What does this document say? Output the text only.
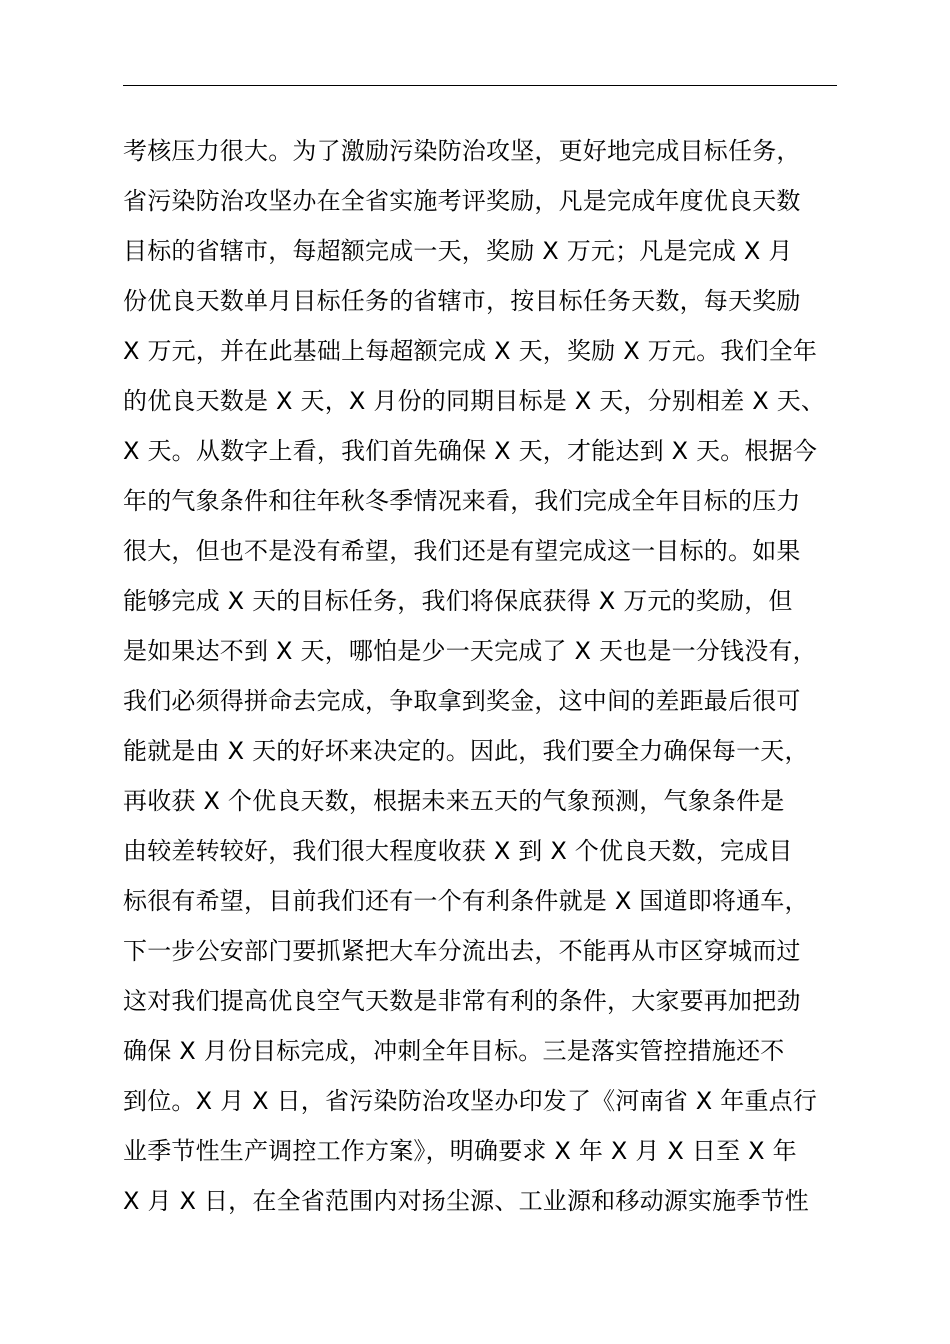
考核压力很大。为了激励污染防治攻坚，更好地完成目标任务，
省污染防治攻坚办在全省实施考评奖励，凡是完成年度优良天数
目标的省辖市，每超额完成一天，奖励 X 万元；凡是完成 X 月
份优良天数单月目标任务的省辖市，按目标任务天数，每天奖励
X 万元，并在此基础上每超额完成 X 天，奖励 X 万元。我们全年
的优良天数是 X 天，X 月份的同期目标是 X 天，分别相差 X 天、
X 天。从数字上看，我们首先确保 X 天，才能达到 X 天。根据今
年的气象条件和往年秋冬季情况来看，我们完成全年目标的压力
很大，但也不是没有希望，我们还是有望完成这一目标的。如果
能够完成 X 天的目标任务，我们将保底获得 X 万元的奖励，但
是如果达不到 X 天，哪怕是少一天完成了 X 天也是一分钱没有，
我们必须得拼命去完成，争取拿到奖金，这中间的差距最后很可
能就是由 X 天的好坏来决定的。因此，我们要全力确保每一天，
再收获 X 个优良天数，根据未来五天的气象预测，气象条件是
由较差转较好，我们很大程度收获 X 到 X 个优良天数，完成目
标很有希望，目前我们还有一个有利条件就是 X 国道即将通车，
下一步公安部门要抓紧把大车分流出去，不能再从市区穿城而过
这对我们提高优良空气天数是非常有利的条件，大家要再加把劲
确保 X 月份目标完成，冲刺全年目标。三是落实管控措施还不
到位。X 月 X 日，省污染防治攻坚办印发了《河南省 X 年重点行
业季节性生产调控工作方案》，明确要求 X 年 X 月 X 日至 X 年
X 月 X 日，在全省范围内对扬尘源、工业源和移动源实施季节性
